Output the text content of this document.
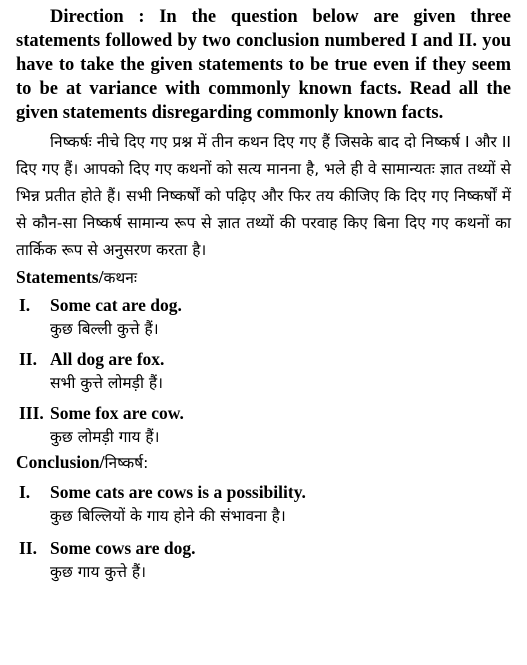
Direction : In the question below are given three statements followed by two conclusion numbered I and II. you have to take the given statements to be true even if they seem to be at variance with commonly known facts. Read all the given statements disregarding commonly known facts.

निष्कर्षः नीचे दिए गए प्रश्न में तीन कथन दिए गए हैं जिसके बाद दो निष्कर्ष I और II दिए गए हैं। आपको दिए गए कथनों को सत्य मानना है, भले ही वे सामान्यतः ज्ञात तथ्यों से भिन्न प्रतीत होते हैं। सभी निष्कर्षों को पढ़िए और फिर तय कीजिए कि दिए गए निष्कर्षों में से कौन-सा निष्कर्ष सामान्य रूप से ज्ञात तथ्यों की परवाह किए बिना दिए गए कथनों का तार्किक रूप से अनुसरण करता है।

Statements/कथनः
I. Some cat are dog.
कुछ बिल्ली कुत्ते हैं।
II. All dog are fox.
सभी कुत्ते लोमड़ी हैं।
III. Some fox are cow.
कुछ लोमड़ी गाय हैं।
Conclusion/निष्कर्ष:
I. Some cats are cows is a possibility.
कुछ बिल्लियों के गाय होने की संभावना है।
II. Some cows are dog.
कुछ गाय कुत्ते हैं।
